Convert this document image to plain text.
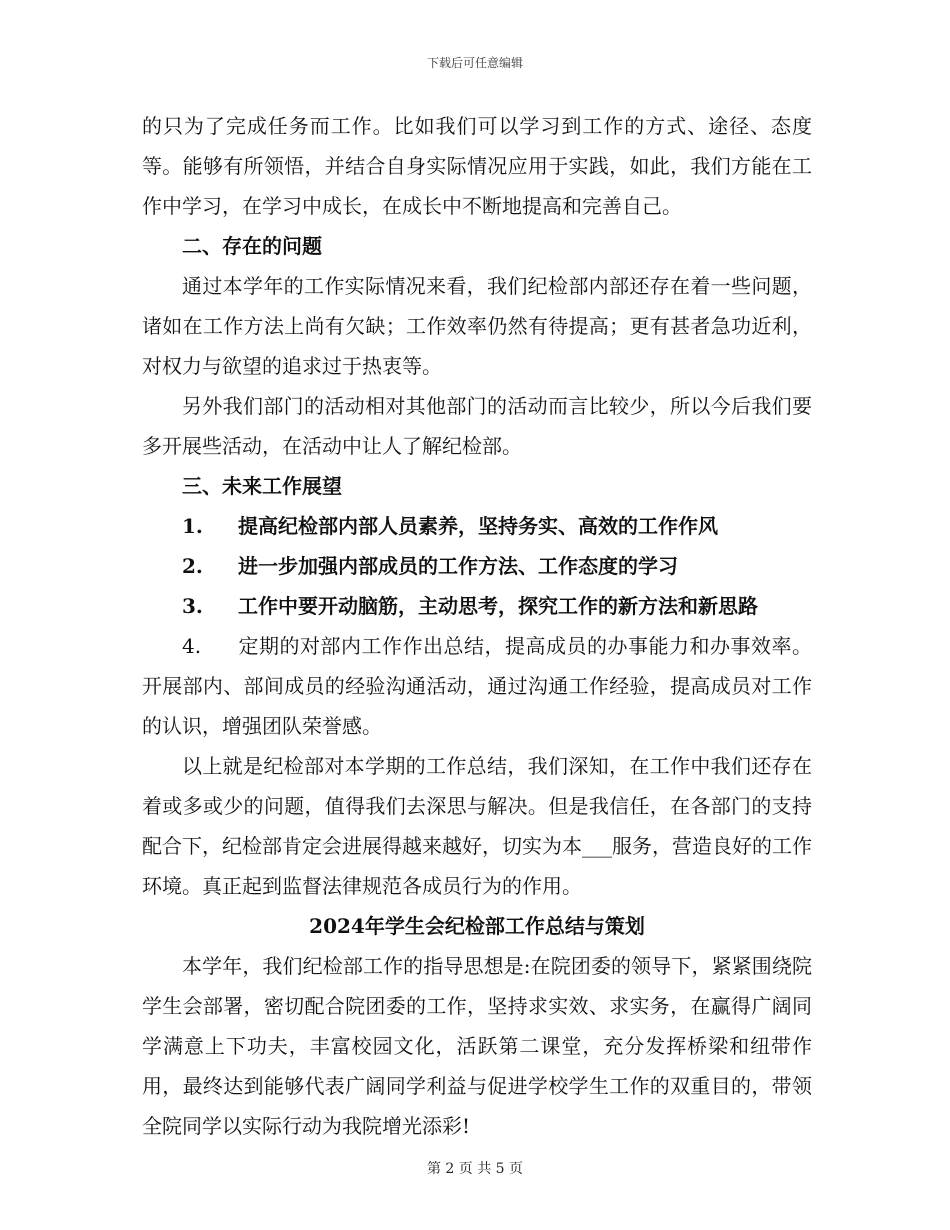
下载后可任意编辑

的只为了完成任务而工作。比如我们可以学习到工作的方式、途径、态度等。能够有所领悟，并结合自身实际情况应用于实践，如此，我们方能在工作中学习，在学习中成长，在成长中不断地提高和完善自己。

二、存在的问题

通过本学年的工作实际情况来看，我们纪检部内部还存在着一些问题，诸如在工作方法上尚有欠缺；工作效率仍然有待提高；更有甚者急功近利，对权力与欲望的追求过于热衷等。

另外我们部门的活动相对其他部门的活动而言比较少，所以今后我们要多开展些活动，在活动中让人了解纪检部。

三、未来工作展望

1. 提高纪检部内部人员素养，坚持务实、高效的工作作风

2. 进一步加强内部成员的工作方法、工作态度的学习

3. 工作中要开动脑筋，主动思考，探究工作的新方法和新思路

4. 定期的对部内工作作出总结，提高成员的办事能力和办事效率。开展部内、部间成员的经验沟通活动，通过沟通工作经验，提高成员对工作的认识，增强团队荣誉感。

以上就是纪检部对本学期的工作总结，我们深知，在工作中我们还存在着或多或少的问题，值得我们去深思与解决。但是我信任，在各部门的支持配合下，纪检部肯定会进展得越来越好，切实为本___服务，营造良好的工作环境。真正起到监督法律规范各成员行为的作用。

2024年学生会纪检部工作总结与策划

本学年，我们纪检部工作的指导思想是:在院团委的领导下，紧紧围绕院学生会部署，密切配合院团委的工作，坚持求实效、求实务，在赢得广阔同学满意上下功夫，丰富校园文化，活跃第二课堂，充分发挥桥梁和纽带作用，最终达到能够代表广阔同学利益与促进学校学生工作的双重目的，带领全院同学以实际行动为我院增光添彩!

第 2 页 共 5 页
